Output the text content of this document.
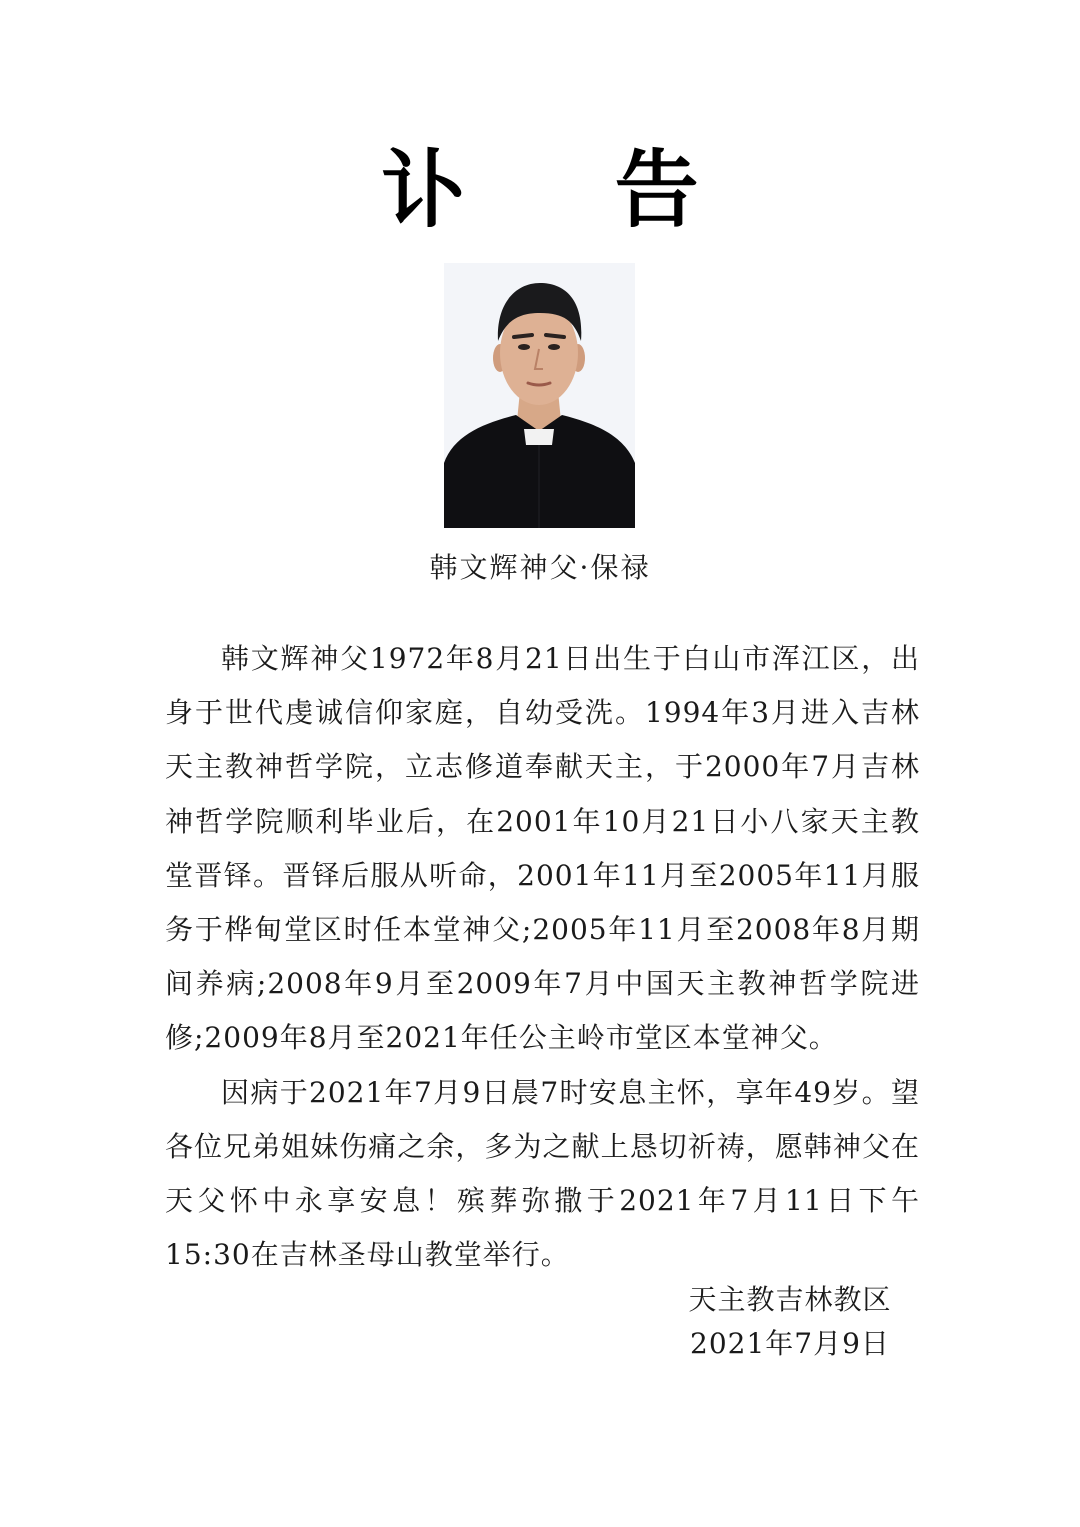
讣 告
韩文辉神父·保禄

韩文辉神父1972年8月21日出生于白山市浑江区，出身于世代虔诚信仰家庭，自幼受洗。1994年3月进入吉林天主教神哲学院，立志修道奉献天主，于2000年7月吉林神哲学院顺利毕业后，在2001年10月21日小八家天主教堂晋铎。晋铎后服从听命，2001年11月至2005年11月服务于桦甸堂区时任本堂神父;2005年11月至2008年8月期间养病;2008年9月至2009年7月中国天主教神哲学院进修;2009年8月至2021年任公主岭市堂区本堂神父。

因病于2021年7月9日晨7时安息主怀，享年49岁。望各位兄弟姐妹伤痛之余，多为之献上恳切祈祷，愿韩神父在天父怀中永享安息！殡葬弥撒于2021年7月11日下午15:30在吉林圣母山教堂举行。

天主教吉林教区
2021年7月9日
